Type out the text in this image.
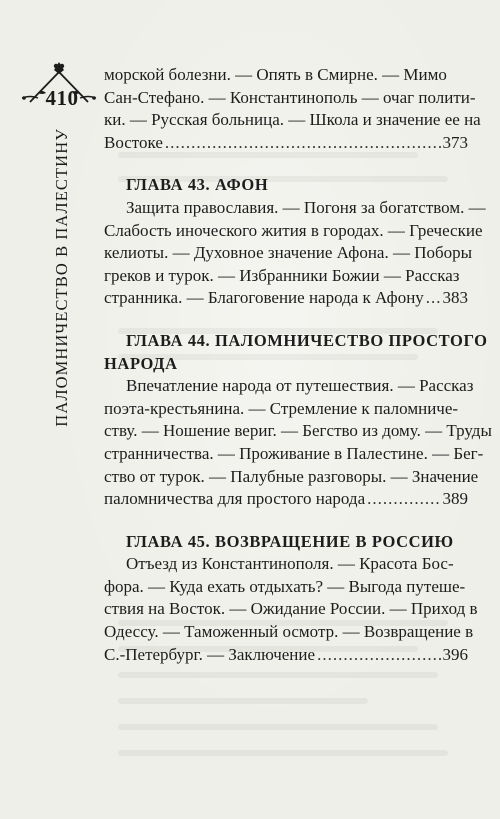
410
ПАЛОМНИЧЕСТВО В ПАЛЕСТИНУ
морской болезни. — Опять в Смирне. — Мимо
Сан-Стефано. — Константинополь — очаг полити-
ки. — Русская больница. — Школа и значение ее на
Востоке .....	373
ГЛАВА 43. АФОН
Защита православия. — Погоня за богатством. —
Слабость иноческого жития в городах. — Греческие
келиоты. — Духовное значение Афона. — Поборы
греков и турок. — Избранники Божии — Рассказ
странника. — Благоговение народа к Афону ..... 383
ГЛАВА 44. ПАЛОМНИЧЕСТВО ПРОСТОГО
НАРОДА
Впечатление народа от путешествия. — Рассказ
поэта-крестьянина. — Стремление к паломниче-
ству. — Ношение вериг. — Бегство из дому. — Труды
странничества. — Проживание в Палестине. — Бег-
ство от турок. — Палубные разговоры. — Значение
паломничества для простого народа .....	389
ГЛАВА 45. ВОЗВРАЩЕНИЕ В РОССИЮ
Отъезд из Константинополя. — Красота Бос-
фора. — Куда ехать отдыхать? — Выгода путеше-
ствия на Восток. — Ожидание России. — Приход в
Одессу. — Таможенный осмотр. — Возвращение в
С.-Петербург. — Заключение .....	396
